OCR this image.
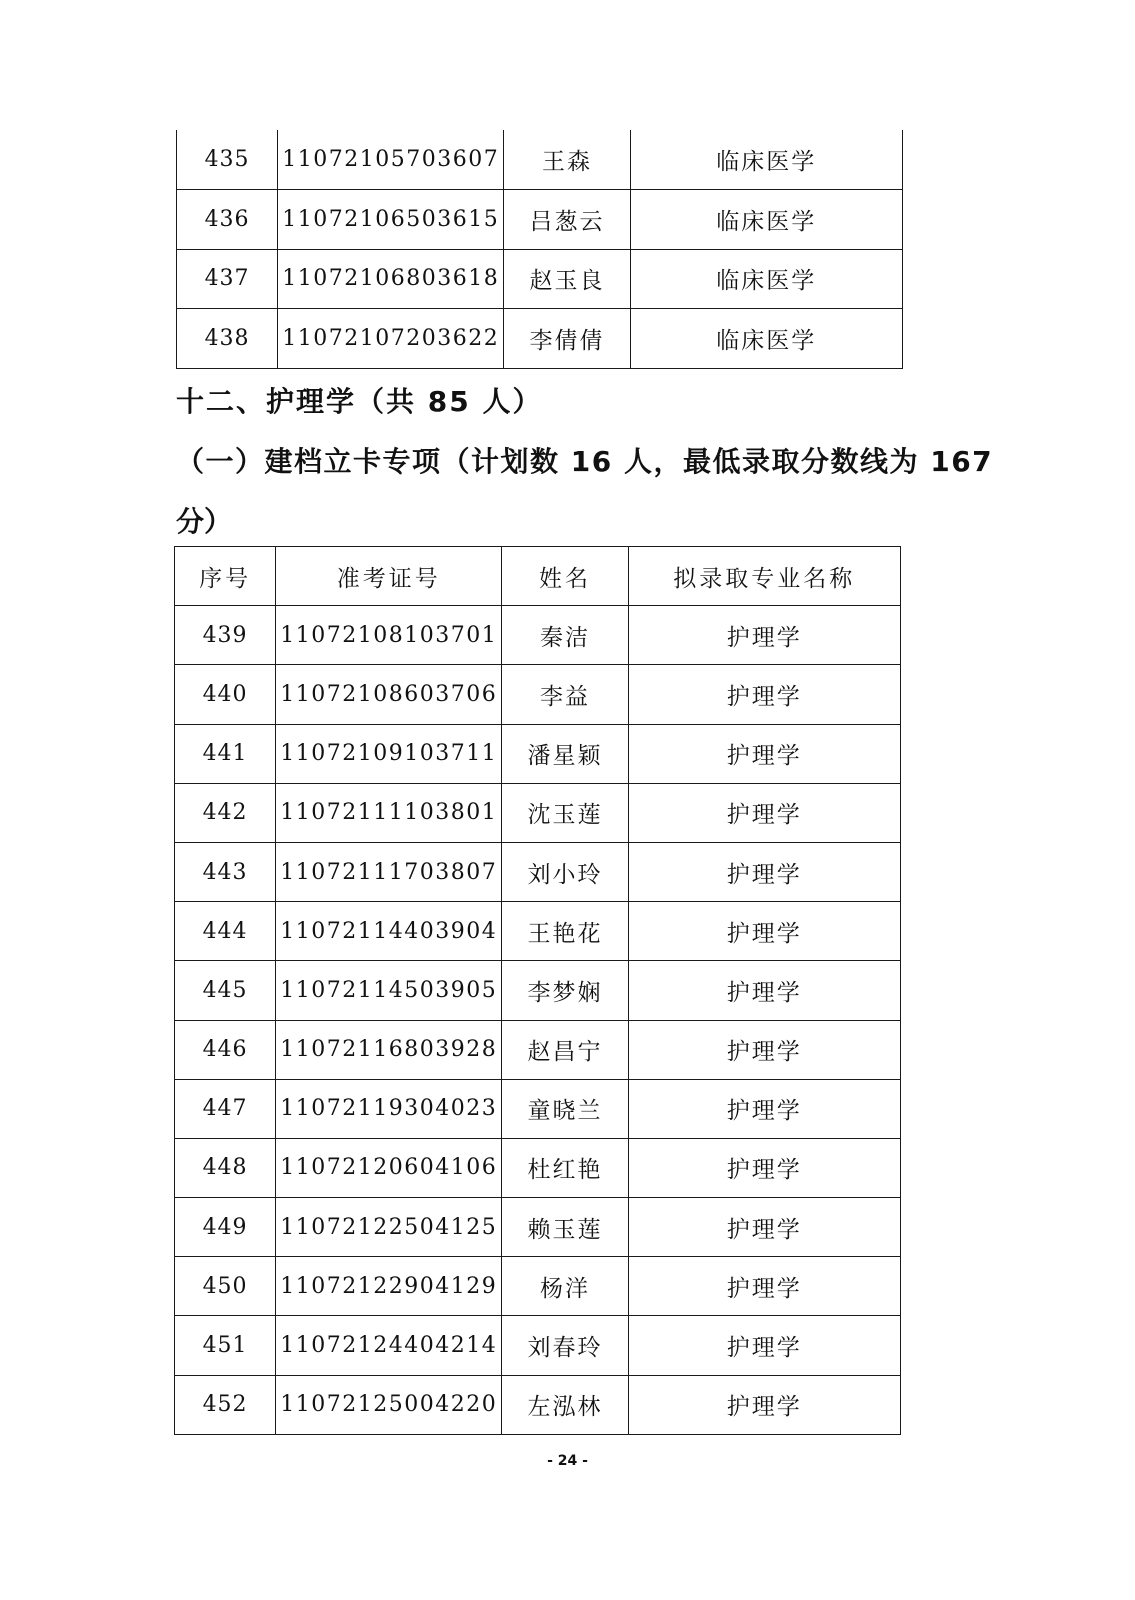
435	11072105703607	王森	临床医学
436	11072106503615	吕葱云	临床医学
437	11072106803618	赵玉良	临床医学
438	11072107203622	李倩倩	临床医学
十二、护理学（共 85 人）
（一）建档立卡专项（计划数 16 人，最低录取分数线为 167
分）
序号	准考证号	姓名	拟录取专业名称
439	11072108103701	秦洁	护理学
440	11072108603706	李益	护理学
441	11072109103711	潘星颖	护理学
442	11072111103801	沈玉莲	护理学
443	11072111703807	刘小玲	护理学
444	11072114403904	王艳花	护理学
445	11072114503905	李梦娴	护理学
446	11072116803928	赵昌宁	护理学
447	11072119304023	童晓兰	护理学
448	11072120604106	杜红艳	护理学
449	11072122504125	赖玉莲	护理学
450	11072122904129	杨洋	护理学
451	11072124404214	刘春玲	护理学
452	11072125004220	左泓林	护理学
- 24 -
